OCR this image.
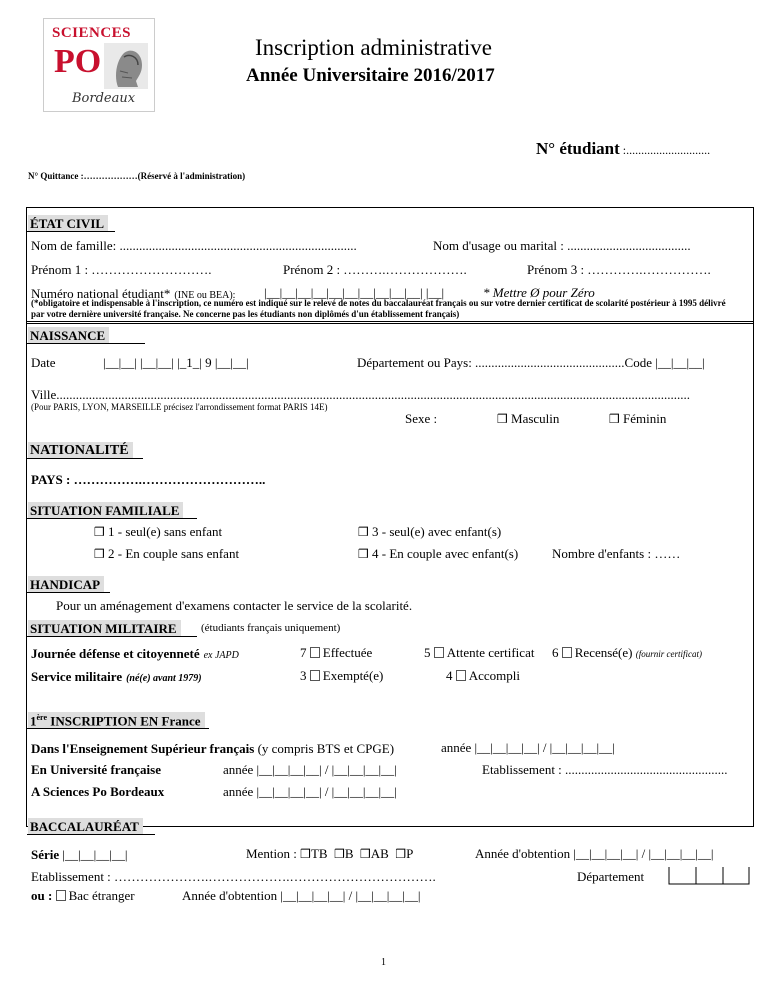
SCIENCES
PO
Bordeaux
Inscription administrative
Année Universitaire 2016/2017
N° étudiant :............................
N° Quittance :………………(Réservé à l'administration)
ÉTAT CIVIL
Nom de famille: .........................................................................	Nom d'usage ou marital : ......................................
Prénom 1 : ……………………….	Prénom 2 : ……….……………….	Prénom 3 : ………….…………….
Numéro national étudiant* (INE ou BEA): |__|__|__|__|__|__|__|__|__|__| |__|	* Mettre Ø pour Zéro
(*obligatoire et indispensable à l'inscription, ce numéro est indiqué sur le relevé de notes du baccalauréat français ou sur votre dernier certificat de scolarité postérieur à 1995 délivré par votre dernière université française. Ne concerne pas les étudiants non diplômés d'un établissement français)
NAISSANCE
Date	|__|__| |__|__| |_1_| 9 |__|__|	Département ou Pays: ..............................................Code |__|__|__|
Ville...................................................................................................................................................................................................
(Pour PARIS, LYON, MARSEILLE précisez l'arrondissement format PARIS 14E)
Sexe :	❒ Masculin	❒ Féminin
NATIONALITÉ
PAYS : …………….………………………..
SITUATION FAMILIALE
❒ 1 - seul(e) sans enfant	❒ 3 - seul(e) avec enfant(s)
❒ 2 - En couple sans enfant	❒ 4 - En couple avec enfant(s)	Nombre d'enfants : ……
HANDICAP
Pour un aménagement d'examens contacter le service de la scolarité.
SITUATION MILITAIRE	(étudiants français uniquement)
Journée défense et citoyenneté ex JAPD	7 Effectuée	5 Attente certificat 6 Recensé(e) (fournir certificat)
Service militaire (né(e) avant 1979)	3 Exempté(e)	4 Accompli
1ère INSCRIPTION EN France
Dans l'Enseignement Supérieur français (y compris BTS et CPGE)	année |__|__|__|__| / |__|__|__|__|
En Université française	année |__|__|__|__| / |__|__|__|__|	Etablissement : ..................................................
A Sciences Po Bordeaux	année |__|__|__|__| / |__|__|__|__|
BACCALAURÉAT
Série |__|__|__|__|	Mention : ❒TB ❒B ❒AB ❒P	Année d'obtention |__|__|__|__| / |__|__|__|__|
Etablissement : ………………….……………….…………………………….	Département
ou : Bac étranger	Année d'obtention |__|__|__|__| / |__|__|__|__|
1
